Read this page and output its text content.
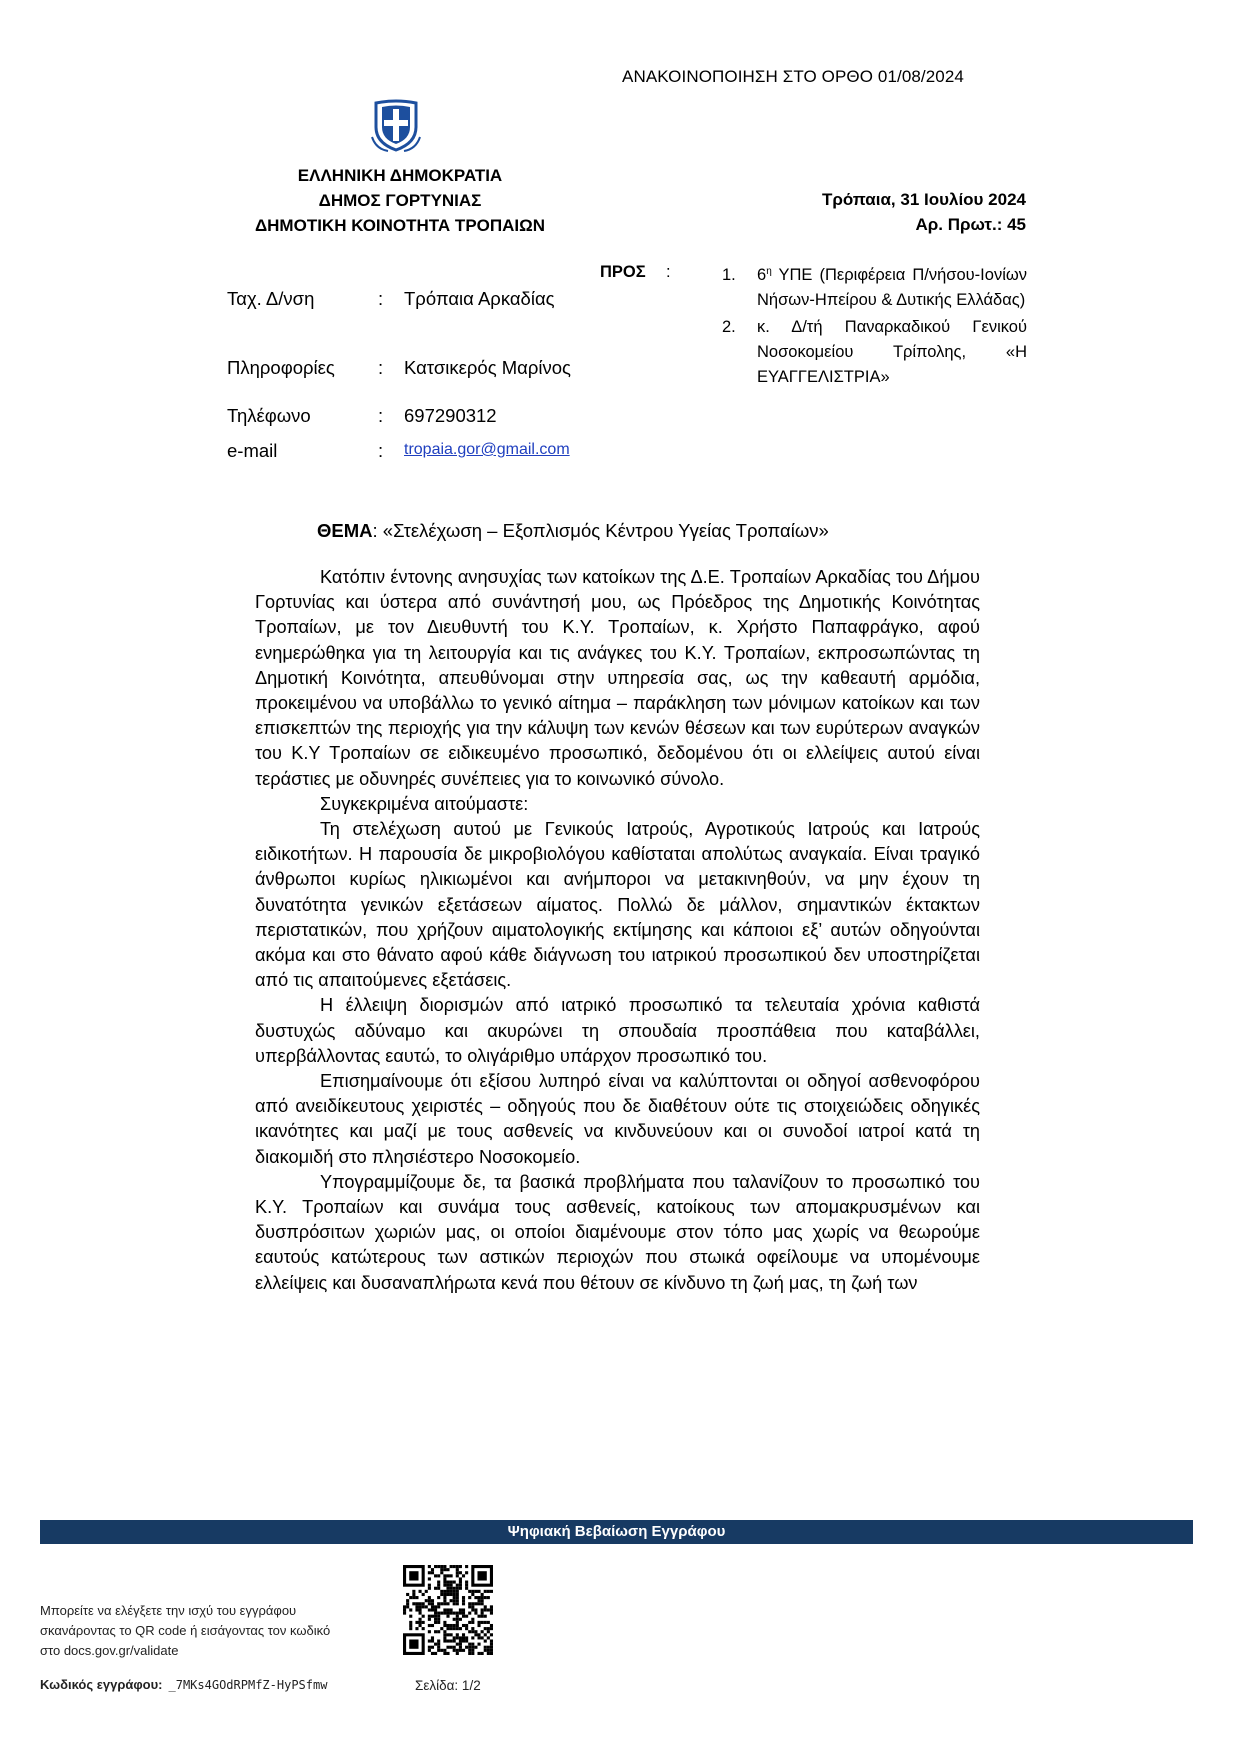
ΑΝΑΚΟΙΝΟΠΟΙΗΣΗ ΣΤΟ ΟΡΘΟ 01/08/2024
ΕΛΛΗΝΙΚΗ ΔΗΜΟΚΡΑΤΙΑ
ΔΗΜΟΣ ΓΟΡΤΥΝΙΑΣ
ΔΗΜΟΤΙΚΗ ΚΟΙΝΟΤΗΤΑ ΤΡΟΠΑΙΩΝ
Τρόπαια, 31 Ιουλίου 2024
Αρ. Πρωτ.: 45
Ταχ. Δ/νση	: Τρόπαια Αρκαδίας
Πληροφορίες : Κατσικερός Μαρίνος
Τηλέφωνο	: 697290312
e-mail	: tropaia.gor@gmail.com
ΠΡΟΣ :	1. $6^\eta$ ΥΠΕ (Περιφέρεια Π/νήσου-Ιονίων Νήσων-Ηπείρου & Δυτικής Ελλάδας)
2. κ. Δ/τή Παναρκαδικού Γενικού Νοσοκομείου Τρίπολης, «Η ΕΥΑΓΓΕΛΙΣΤΡΙΑ»
ΘΕΜΑ: «Στελέχωση – Εξοπλισμός Κέντρου Υγείας Τροπαίων»

Κατόπιν έντονης ανησυχίας των κατοίκων της Δ.Ε. Τροπαίων Αρκαδίας του Δήμου Γορτυνίας και ύστερα από συνάντησή μου, ως Πρόεδρος της Δημοτικής Κοινότητας Τροπαίων, με τον Διευθυντή του Κ.Υ. Τροπαίων, κ. Χρήστο Παπαφράγκο, αφού ενημερώθηκα για τη λειτουργία και τις ανάγκες του Κ.Υ. Τροπαίων, εκπροσωπώντας τη Δημοτική Κοινότητα, απευθύνομαι στην υπηρεσία σας, ως την καθεαυτή αρμόδια, προκειμένου να υποβάλλω το γενικό αίτημα – παράκληση των μόνιμων κατοίκων και των επισκεπτών της περιοχής για την κάλυψη των κενών θέσεων και των ευρύτερων αναγκών του Κ.Υ Τροπαίων σε ειδικευμένο προσωπικό, δεδομένου ότι οι ελλείψεις αυτού είναι τεράστιες με οδυνηρές συνέπειες για το κοινωνικό σύνολο.

Συγκεκριμένα αιτούμαστε:

Τη στελέχωση αυτού με Γενικούς Ιατρούς, Αγροτικούς Ιατρούς και Ιατρούς ειδικοτήτων. Η παρουσία δε μικροβιολόγου καθίσταται απολύτως αναγκαία. Είναι τραγικό άνθρωποι κυρίως ηλικιωμένοι και ανήμποροι να μετακινηθούν, να μην έχουν τη δυνατότητα γενικών εξετάσεων αίματος. Πολλώ δε μάλλον, σημαντικών έκτακτων περιστατικών, που χρήζουν αιματολογικής εκτίμησης και κάποιοι εξ’ αυτών οδηγούνται ακόμα και στο θάνατο αφού κάθε διάγνωση του ιατρικού προσωπικού δεν υποστηρίζεται από τις απαιτούμενες εξετάσεις.

Η έλλειψη διορισμών από ιατρικό προσωπικό τα τελευταία χρόνια καθιστά δυστυχώς αδύναμο και ακυρώνει τη σπουδαία προσπάθεια που καταβάλλει, υπερβάλλοντας εαυτώ, το ολιγάριθμο υπάρχον προσωπικό του.

Επισημαίνουμε ότι εξίσου λυπηρό είναι να καλύπτονται οι οδηγοί ασθενοφόρου από ανειδίκευτους χειριστές – οδηγούς που δε διαθέτουν ούτε τις στοιχειώδεις οδηγικές ικανότητες και μαζί με τους ασθενείς να κινδυνεύουν και οι συνοδοί ιατροί κατά τη διακομιδή στο πλησιέστερο Νοσοκομείο.

Υπογραμμίζουμε δε, τα βασικά προβλήματα που ταλανίζουν το προσωπικό του Κ.Υ. Τροπαίων και συνάμα τους ασθενείς, κατοίκους των απομακρυσμένων και δυσπρόσιτων χωριών μας, οι οποίοι διαμένουμε στον τόπο μας χωρίς να θεωρούμε εαυτούς κατώτερους των αστικών περιοχών που στωικά οφείλουμε να υπομένουμε ελλείψεις και δυσαναπλήρωτα κενά που θέτουν σε κίνδυνο τη ζωή μας, τη ζωή των

Ψηφιακή Βεβαίωση Εγγράφου
Μπορείτε να ελέγξετε την ισχύ του εγγράφου
σκανάροντας το QR code ή εισάγοντας τον κωδικό
στο docs.gov.gr/validate
Κωδικός εγγράφου: _7MKs4GOdRPMfZ-HyPSfmw	Σελίδα: 1/2
